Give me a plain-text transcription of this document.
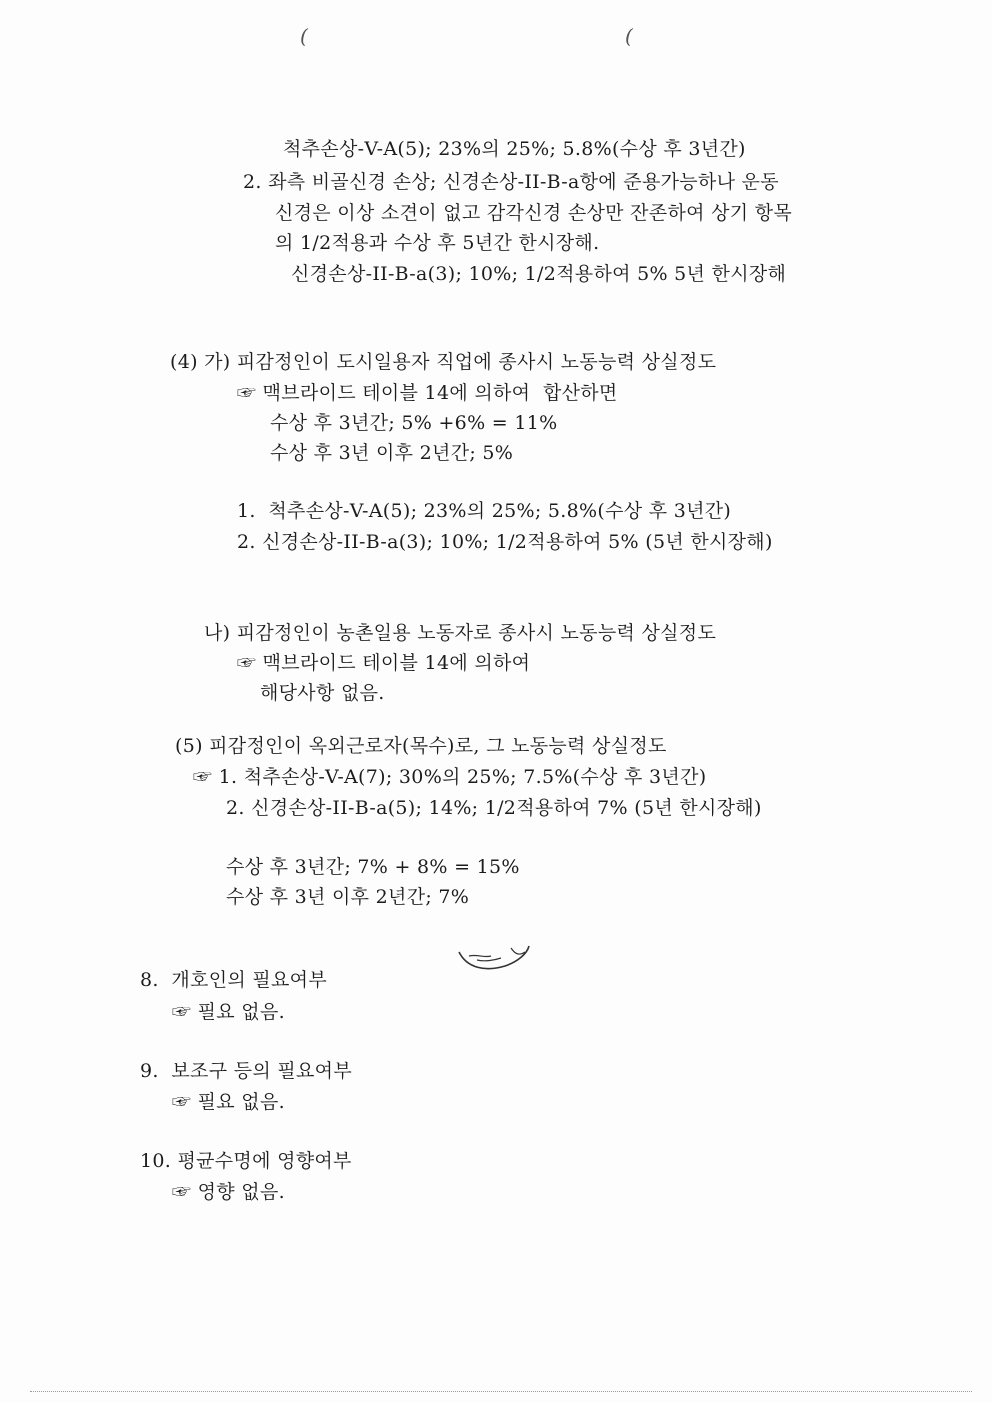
(	(
척추손상-V-A(5); 23%의 25%; 5.8%(수상 후 3년간)
2. 좌측 비골신경 손상; 신경손상-II-B-a항에 준용가능하나 운동
신경은 이상 소견이 없고 감각신경 손상만 잔존하여 상기 항목
의 1/2적용과 수상 후 5년간 한시장해.
신경손상-II-B-a(3); 10%; 1/2적용하여 5% 5년 한시장해
(4) 가) 피감정인이 도시일용자 직업에 종사시 노동능력 상실정도
☞ 맥브라이드 테이블 14에 의하여  합산하면
수상 후 3년간; 5% +6% = 11%
수상 후 3년 이후 2년간; 5%
1.  척추손상-V-A(5); 23%의 25%; 5.8%(수상 후 3년간)
2. 신경손상-II-B-a(3); 10%; 1/2적용하여 5% (5년 한시장해)
나) 피감정인이 농촌일용 노동자로 종사시 노동능력 상실정도
☞ 맥브라이드 테이블 14에 의하여
해당사항 없음.
(5) 피감정인이 옥외근로자(목수)로, 그 노동능력 상실정도
☞ 1. 척추손상-V-A(7); 30%의 25%; 7.5%(수상 후 3년간)
2. 신경손상-II-B-a(5); 14%; 1/2적용하여 7% (5년 한시장해)
수상 후 3년간; 7% + 8% = 15%
수상 후 3년 이후 2년간; 7%
8.  개호인의 필요여부
☞ 필요 없음.
9.  보조구 등의 필요여부
☞ 필요 없음.
10. 평균수명에 영향여부
☞ 영향 없음.
